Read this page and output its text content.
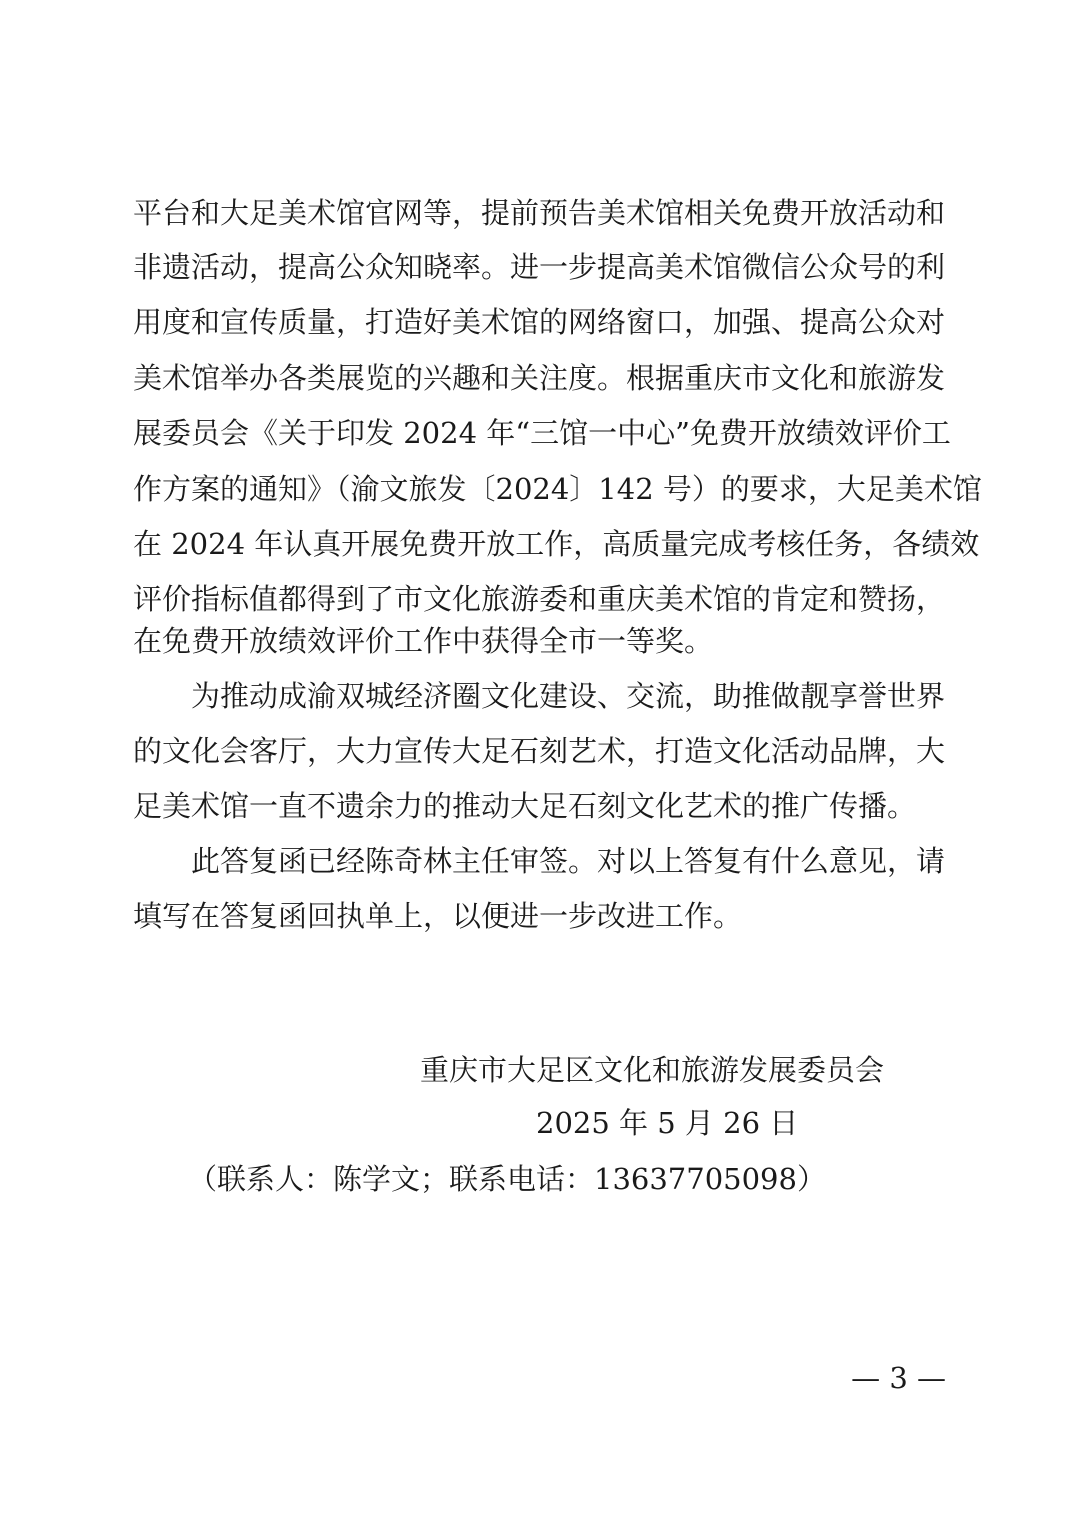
平台和大足美术馆官网等，提前预告美术馆相关免费开放活动和
非遗活动，提高公众知晓率。进一步提高美术馆微信公众号的利
用度和宣传质量，打造好美术馆的网络窗口，加强、提高公众对
美术馆举办各类展览的兴趣和关注度。根据重庆市文化和旅游发
展委员会《关于印发 2024 年“三馆一中心”免费开放绩效评价工
作方案的通知》（渝文旅发〔2024〕142 号）的要求，大足美术馆
在 2024 年认真开展免费开放工作，高质量完成考核任务，各绩效
评价指标值都得到了市文化旅游委和重庆美术馆的肯定和赞扬，
在免费开放绩效评价工作中获得全市一等奖。
为推动成渝双城经济圈文化建设、交流，助推做靓享誉世界
的文化会客厅，大力宣传大足石刻艺术，打造文化活动品牌，大
足美术馆一直不遗余力的推动大足石刻文化艺术的推广传播。
此答复函已经陈奇林主任审签。对以上答复有什么意见，请
填写在答复函回执单上，以便进一步改进工作。
重庆市大足区文化和旅游发展委员会
2025 年 5 月 26 日
（联系人：陈学文；联系电话：13637705098）
— 3 —
